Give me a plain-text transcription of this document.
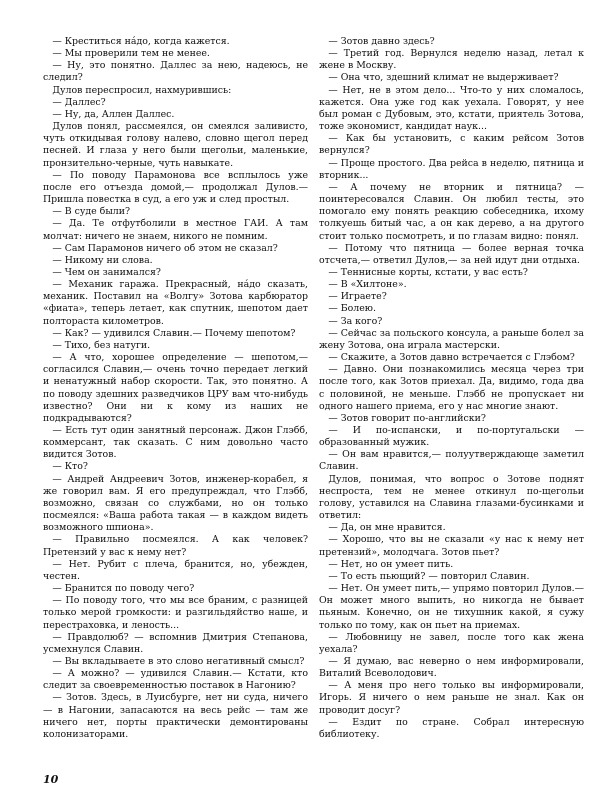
— Креститься на́до, когда кажется.

— Мы проверили тем не менее.

— Ну, это понятно. Даллес за нею, надеюсь, не следил?

Дулов переспросил, нахмурившись:

— Даллес?

— Ну, да, Аллен Даллес.

Дулов понял, рассмеялся, он смеялся заливисто, чуть откидывая голову налево, словно щегол перед песней. И глаза у него были щегольи, маленькие, пронзительно-черные, чуть навыкате.

— По поводу Парамонова все всплылось уже после его отъезда домой,— продолжал Дулов.— Пришла повестка в суд, а его уж и след простыл.

— В суде были?

— Да. Те отфутболили в местное ГАИ. А там молчат: ничего не знаем, никого не помним.

— Сам Парамонов ничего об этом не сказал?

— Никому ни слова.

— Чем он занимался?

— Механик гаража. Прекрасный, на́до сказать, механик. Поставил на «Волгу» Зотова карбюратор «фиата», теперь летает, как спутник, шепотом дает полтораста километров.

— Как? — удивился Славин.— Почему шепотом?

— Тихо, без натуги.

— А что, хорошее определение — шепотом,— согласился Славин,— очень точно передает легкий и ненатужный набор скорости. Так, это понятно. А по поводу здешних разведчиков ЦРУ вам что-нибудь известно? Они ни к кому из наших не подкрадываются?

— Есть тут один занятный персонаж. Джон Глэбб, коммерсант, так сказать. С ним довольно часто видится Зотов.

— Кто?

— Андрей Андреевич Зотов, инженер-корабел, я же говорил вам. Я его предупреждал, что Глэбб, возможно, связан со службами, но он только посмеялся: «Ваша работа такая — в каждом видеть возможного шпиона».

— Правильно посмеялся. А как человек? Претензий у вас к нему нет?

— Нет. Рубит с плеча, бранится, но, убежден, честен.

— Бранится по поводу чего?

— По поводу того, что мы все браним, с разницей только мерой громкости: и разгильдяйство наше, и перестраховка, и леность...

— Правдолюб? — вспомнив Дмитрия Степанова, усмехнулся Славин.

— Вы вкладываете в это слово негативный смысл?

— А можно? — удивился Славин.— Кстати, кто следит за своевременностью поставок в Нагонию?

— Зотов. Здесь, в Луисбурге, нет ни суда, ничего — в Нагонии, запасаются на весь рейс — там же ничего нет, порты практически демонтированы колонизаторами.

— Зотов давно здесь?

— Третий год. Вернулся неделю назад, летал к жене в Москву.

— Она что, здешний климат не выдерживает?

— Нет, не в этом дело... Что-то у них сломалось, кажется. Она уже год как уехала. Говорят, у нее был роман с Дубовым, это, кстати, приятель Зотова, тоже экономист, кандидат наук...

— Как бы установить, с каким рейсом Зотов вернулся?

— Проще простого. Два рейса в неделю, пятница и вторник...

— А почему не вторник и пятница? — поинтересовался Славин. Он любил тесты, это помогало ему понять реакцию собеседника, ихому толкуешь битый час, а он как дерево, а на другого стоит только посмотреть, и по глазам видно: понял.

— Потому что пятница — более верная точка отсчета,— ответил Дулов,— за ней идут дни отдыха.

— Теннисные корты, кстати, у вас есть?

— В «Хилтоне».

— Играете?

— Болею.

— За кого?

— Сейчас за польского консула, а раньше болел за жену Зотова, она играла мастерски.

— Скажите, а Зотов давно встречается с Глэбом?

— Давно. Они познакомились месяца через три после того, как Зотов приехал. Да, видимо, года два с половиной, не меньше. Глэбб не пропускает ни одного нашего приема, его у нас многие знают.

— Зотов говорит по-английски?

— И по-испански, и по-португальски — образованный мужик.

— Он вам нравится,— полуутверждающе заметил Славин.

Дулов, понимая, что вопрос о Зотове поднят неспроста, тем не менее откинул по-щегольи голову, уставился на Славина глазами-бусинками и ответил:

— Да, он мне нравится.

— Хорошо, что вы не сказали «у нас к нему нет претензий», молодчага. Зотов пьет?

— Нет, но он умеет пить.

— То есть пьющий? — повторил Славин.

— Нет. Он умеет пить,— упрямо повторил Дулов.— Он может много выпить, но никогда не бывает пьяным. Конечно, он не тихушник какой, я сужу только по тому, как он пьет на приемах.

— Любовницу не завел, после того как жена уехала?

— Я думаю, вас неверно о нем информировали, Виталий Всеволодович.

— А меня про него только вы информировали, Игорь. Я ничего о нем раньше не знал. Как он проводит досуг?

— Ездит по стране. Собрал интересную библиотеку.

10
